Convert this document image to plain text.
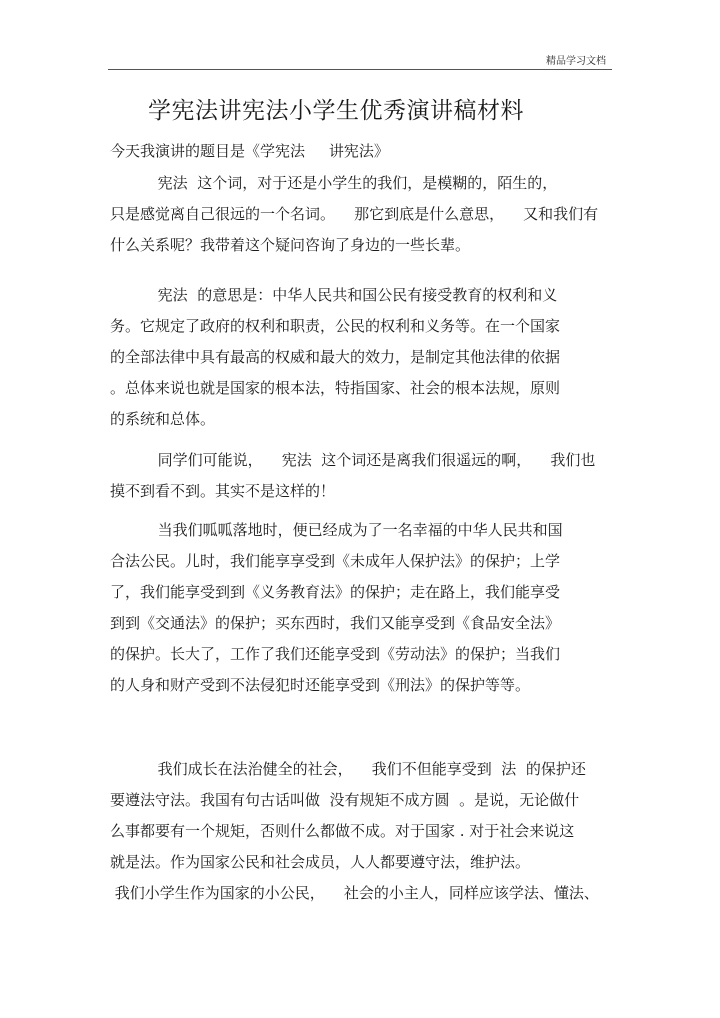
精品学习文档
学宪法讲宪法小学生优秀演讲稿材料
今天我演讲的题目是《学宪法     讲宪法》
宪法  这个词，对于还是小学生的我们，是模糊的，陌生的，
只是感觉离自己很远的一个名词。    那它到底是什么意思，    又和我们有
什么关系呢？我带着这个疑问咨询了身边的一些长辈。
宪法  的意思是：中华人民共和国公民有接受教育的权利和义
务。它规定了政府的权利和职责，公民的权利和义务等。在一个国家
的全部法律中具有最高的权威和最大的效力，是制定其他法律的依据
。总体来说也就是国家的根本法，特指国家、社会的根本法规，原则
的系统和总体。
同学们可能说，    宪法  这个词还是离我们很遥远的啊，    我们也
摸不到看不到。其实不是这样的！
当我们呱呱落地时，便已经成为了一名幸福的中华人民共和国
合法公民。儿时，我们能享享受到《未成年人保护法》的保护；上学
了，我们能享受到到《义务教育法》的保护；走在路上，我们能享受
到到《交通法》的保护；买东西时，我们又能享受到《食品安全法》
的保护。长大了，工作了我们还能享受到《劳动法》的保护；当我们
的人身和财产受到不法侵犯时还能享受到《刑法》的保护等等。
我们成长在法治健全的社会，    我们不但能享受到  法  的保护还
要遵法守法。我国有句古话叫做  没有规矩不成方圆  。是说，无论做什
么事都要有一个规矩，否则什么都做不成。对于国家 . 对于社会来说这
就是法。作为国家公民和社会成员，人人都要遵守法，维护法。
我们小学生作为国家的小公民，    社会的小主人，同样应该学法、懂法、
